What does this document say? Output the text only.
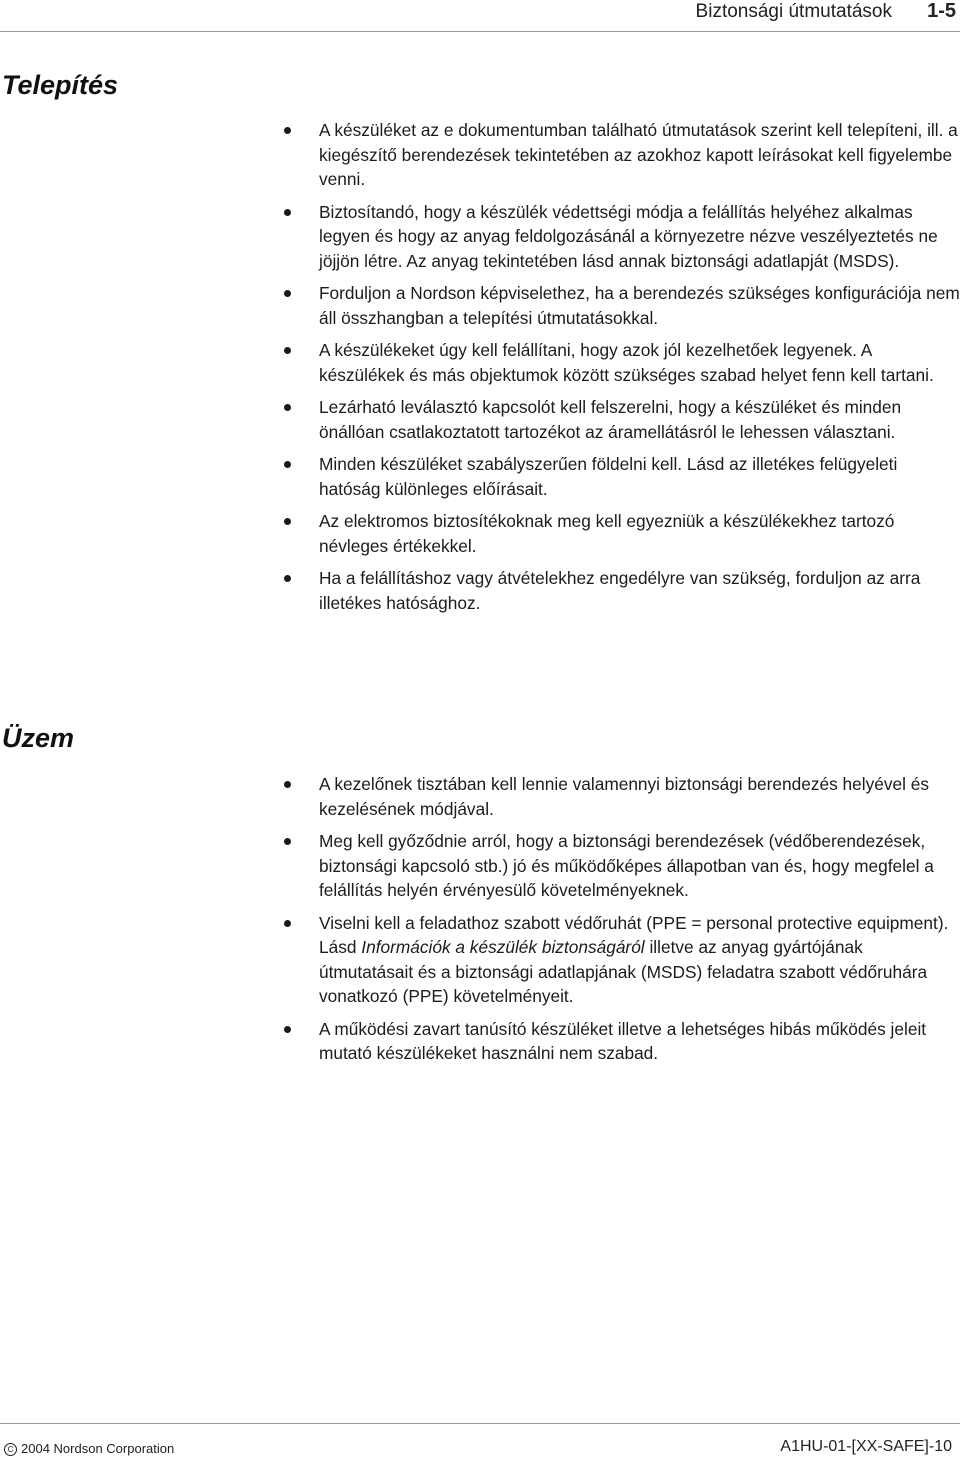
Biztonsági útmutatások 1-5
Telepítés
A készüléket az e dokumentumban található útmutatások szerint kell telepíteni, ill. a kiegészítő berendezések tekintetében az azokhoz kapott leírásokat kell figyelembe venni.
Biztosítandó, hogy a készülék védettségi módja a felállítás helyéhez alkalmas legyen és hogy az anyag feldolgozásánál a környezetre nézve veszélyeztetés ne jöjjön létre. Az anyag tekintetében lásd annak biztonsági adatlapját (MSDS).
Forduljon a Nordson képviselethez, ha a berendezés szükséges konfigurációja nem áll összhangban a telepítési útmutatásokkal.
A készülékeket úgy kell felállítani, hogy azok jól kezelhetőek legyenek. A készülékek és más objektumok között szükséges szabad helyet fenn kell tartani.
Lezárható leválasztó kapcsolót kell felszerelni, hogy a készüléket és minden önállóan csatlakoztatott tartozékot az áramellátásról le lehessen választani.
Minden készüléket szabályszerűen földelni kell. Lásd az illetékes felügyeleti hatóság különleges előírásait.
Az elektromos biztosítékoknak meg kell egyezniük a készülékekhez tartozó névleges értékekkel.
Ha a felállításhoz vagy átvételekhez engedélyre van szükség, forduljon az arra illetékes hatósághoz.
Üzem
A kezelőnek tisztában kell lennie valamennyi biztonsági berendezés helyével és kezelésének módjával.
Meg kell győződnie arról, hogy a biztonsági berendezések (védőberendezések, biztonsági kapcsoló stb.) jó és működőképes állapotban van és, hogy megfelel a felállítás helyén érvényesülő követelményeknek.
Viselni kell a feladathoz szabott védőruhát (PPE = personal protective equipment). Lásd Információk a készülék biztonságáról illetve az anyag gyártójának útmutatásait és a biztonsági adatlapjának (MSDS) feladatra szabott védőruhára vonatkozó (PPE) követelményeit.
A működési zavart tanúsító készüléket illetve a lehetséges hibás működés jeleit mutató készülékeket használni nem szabad.
C 2004 Nordson Corporation	A1HU-01-[XX-SAFE]-10
